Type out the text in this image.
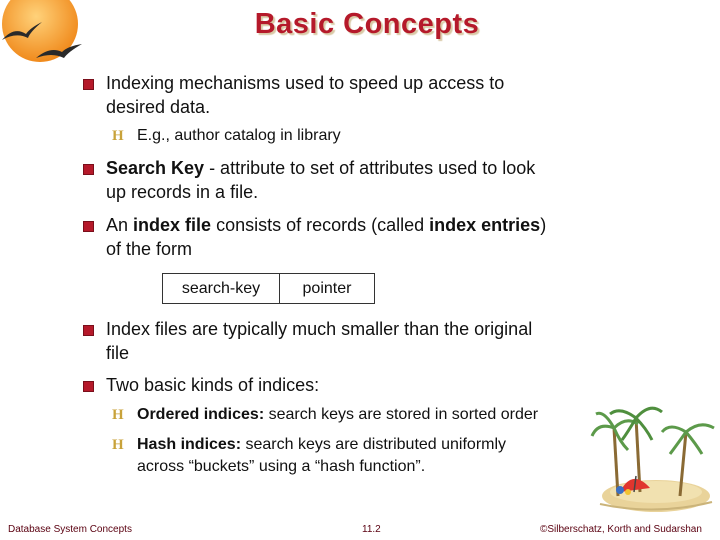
Basic Concepts
Indexing mechanisms used to speed up access to
desired data.
H E.g., author catalog in library
Search Key - attribute to set of attributes used to look
up records in a file.
An index file consists of records (called index entries)
of the form
search-key	pointer
Index files are typically much smaller than the original
file
Two basic kinds of indices:
H Ordered indices: search keys are stored in sorted order
H Hash indices: search keys are distributed uniformly
across “buckets” using a “hash function”.
Database System Concepts	11.2	©Silberschatz, Korth and Sudarshan
